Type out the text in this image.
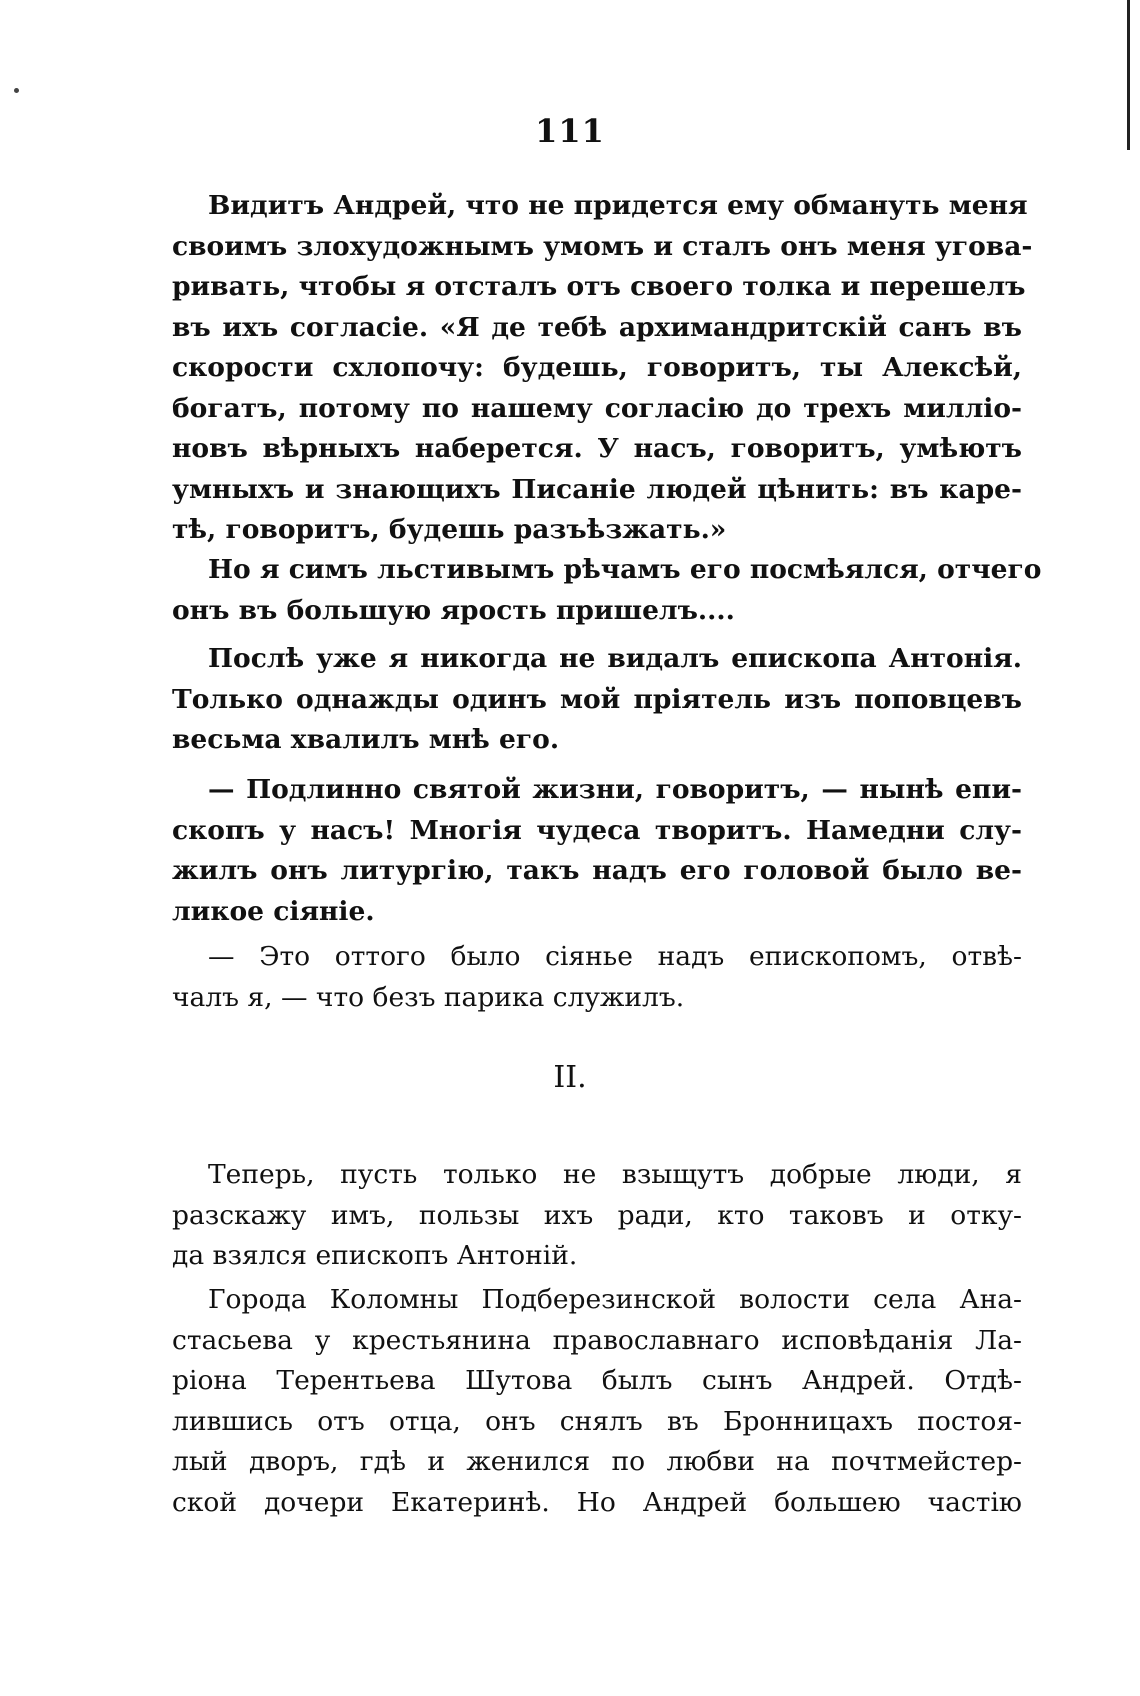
111
Видитъ Андрей, что не придется ему обмануть меня
своимъ злохудожнымъ умомъ и сталъ онъ меня угова-
ривать, чтобы я отсталъ отъ своего толка и перешелъ
въ ихъ согласіе. «Я де тебѣ архимандритскій санъ въ
скорости схлопочу: будешь, говоритъ, ты Алексѣй,
богатъ, потому по нашему согласію до трехъ милліо-
новъ вѣрныхъ наберется. У насъ, говоритъ, умѣютъ
умныхъ и знающихъ Писаніе людей цѣнить: въ каре-
тѣ, говоритъ, будешь разъѣзжать.»
Но я симъ льстивымъ рѣчамъ его посмѣялся, отчего
онъ въ большую ярость пришелъ....
Послѣ уже я никогда не видалъ епископа Антонія.
Только однажды одинъ мой пріятель изъ поповцевъ
весьма хвалилъ мнѣ его.
— Подлинно святой жизни, говоритъ, — нынѣ епи-
скопъ у насъ! Многія чудеса творитъ. Намедни слу-
жилъ онъ литургію, такъ надъ его головой было ве-
ликое сіяніе.
— Это оттого было сіянье надъ епископомъ, отвѣ-
чалъ я, — что безъ парика служилъ.
II.
Теперь, пусть только не взыщутъ добрые люди, я
разскажу имъ, пользы ихъ ради, кто таковъ и отку-
да взялся епископъ Антоній.
Города Коломны Подберезинской волости села Ана-
стасьева у крестьянина православнаго исповѣданія Ла-
ріона Терентьева Шутова былъ сынъ Андрей. Отдѣ-
лившись отъ отца, онъ снялъ въ Бронницахъ постоя-
лый дворъ, гдѣ и женился по любви на почтмейстер-
ской дочери Екатеринѣ. Но Андрей большею частію
